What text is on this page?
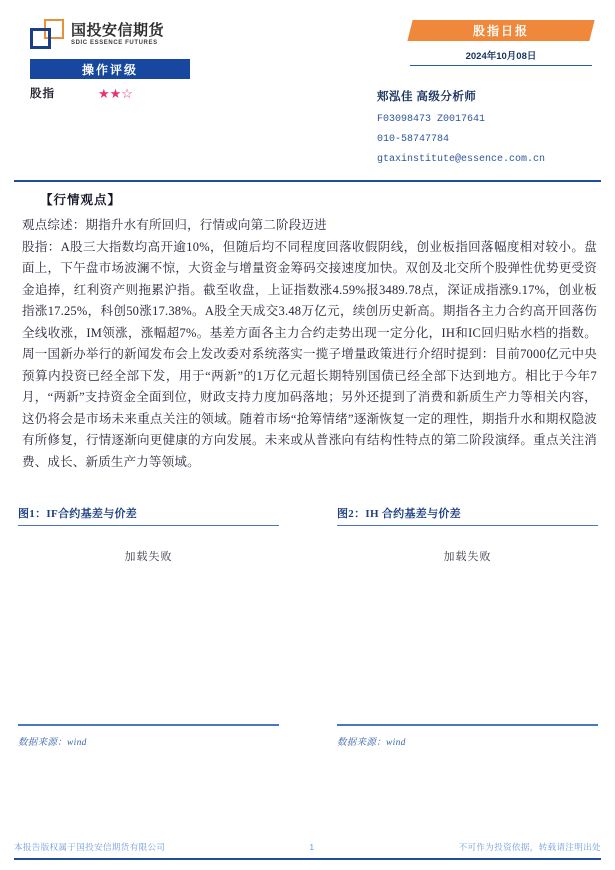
国投安信期货
SDIC ESSENCE FUTURES
操作评级
股指	★★☆
股指日报
2024年10月08日
郏泓佳 高级分析师
F03098473 Z0017641
010-58747784
gtaxinstitute@essence.com.cn
【行情观点】

观点综述：期指升水有所回归，行情或向第二阶段迈进

股指：A股三大指数均高开逾10%，但随后均不同程度回落收假阴线，创业板指回落幅度相对较小。盘面上，下午盘市场波澜不惊，大资金与增量资金筹码交接速度加快。双创及北交所个股弹性优势更受资金追捧，红利资产则拖累沪指。截至收盘，上证指数涨4.59%报3489.78点，深证成指涨9.17%，创业板指涨17.25%，科创50涨17.38%。A股全天成交3.48万亿元，续创历史新高。期指各主力合约高开回落伤全线收涨，IM领涨，涨幅超7%。基差方面各主力合约走势出现一定分化，IH和IC回归贴水档的指数。周一国新办举行的新闻发布会上发改委对系统落实一揽子增量政策进行介绍时提到：目前7000亿元中央预算内投资已经全部下发，用于“两新”的1万亿元超长期特别国债已经全部下达到地方。相比于今年7月，“两新”支持资金全面到位，财政支持力度加码落地；另外还提到了消费和新质生产力等相关内容，这仍将会是市场未来重点关注的领域。随着市场“抢筹情绪”逐渐恢复一定的理性，期指升水和期权隐波有所修复，行情逐渐向更健康的方向发展。未来或从普涨向有结构性特点的第二阶段演绎。重点关注消费、成长、新质生产力等领域。

图1：IF合约基差与价差
加载失败
数据来源：wind
图2：IH 合约基差与价差
加载失败
数据来源：wind
本报告版权属于国投安信期货有限公司	1	不可作为投资依据，转载请注明出处
